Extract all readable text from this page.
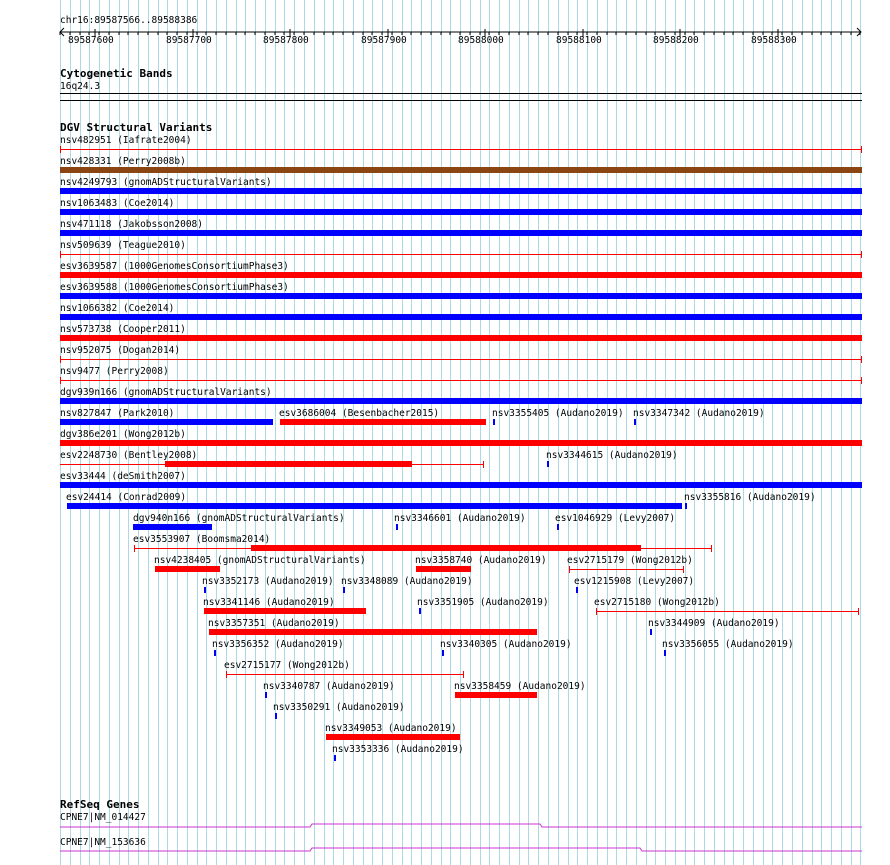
chr16:89587566..89588386
89587600	89587700	89587800	89587900	89588000	89588100	89588200	89588300
Cytogenetic Bands
16q24.3
DGV Structural Variants
nsv482951 (Iafrate2004)
nsv428331 (Perry2008b)
nsv4249793 (gnomADStructuralVariants)
nsv1063483 (Coe2014)
nsv471118 (Jakobsson2008)
nsv509639 (Teague2010)
esv3639587 (1000GenomesConsortiumPhase3)
esv3639588 (1000GenomesConsortiumPhase3)
nsv1066382 (Coe2014)
nsv573738 (Cooper2011)
nsv952075 (Dogan2014)
nsv9477 (Perry2008)
dgv939n166 (gnomADStructuralVariants)
nsv827847 (Park2010)	esv3686004 (Besenbacher2015)	nsv3355405 (Audano2019) nsv3347342 (Audano2019)
dgv386e201 (Wong2012b)
esv2248730 (Bentley2008)	nsv3344615 (Audano2019)
esv33444 (deSmith2007)
esv24414 (Conrad2009)	nsv3355816 (Audano2019)
dgv940n166 (gnomADStructuralVariants)	nsv3346601 (Audano2019)	esv1046929 (Levy2007)
esv3553907 (Boomsma2014)
nsv4238405 (gnomADStructuralVariants)	nsv3358740 (Audano2019) esv2715179 (Wong2012b)
nsv3352173 (Audano2019) nsv3348089 (Audano2019)	esv1215908 (Levy2007)
nsv3341146 (Audano2019)	nsv3351905 (Audano2019)	esv2715180 (Wong2012b)
nsv3357351 (Audano2019)	nsv3344909 (Audano2019)
nsv3356352 (Audano2019)	nsv3340305 (Audano2019)	nsv3356055 (Audano2019)
esv2715177 (Wong2012b)
nsv3340787 (Audano2019)	nsv3358459 (Audano2019)
nsv3350291 (Audano2019)
nsv3349053 (Audano2019)
nsv3353336 (Audano2019)
RefSeq Genes
CPNE7|NM_014427
CPNE7|NM_153636
